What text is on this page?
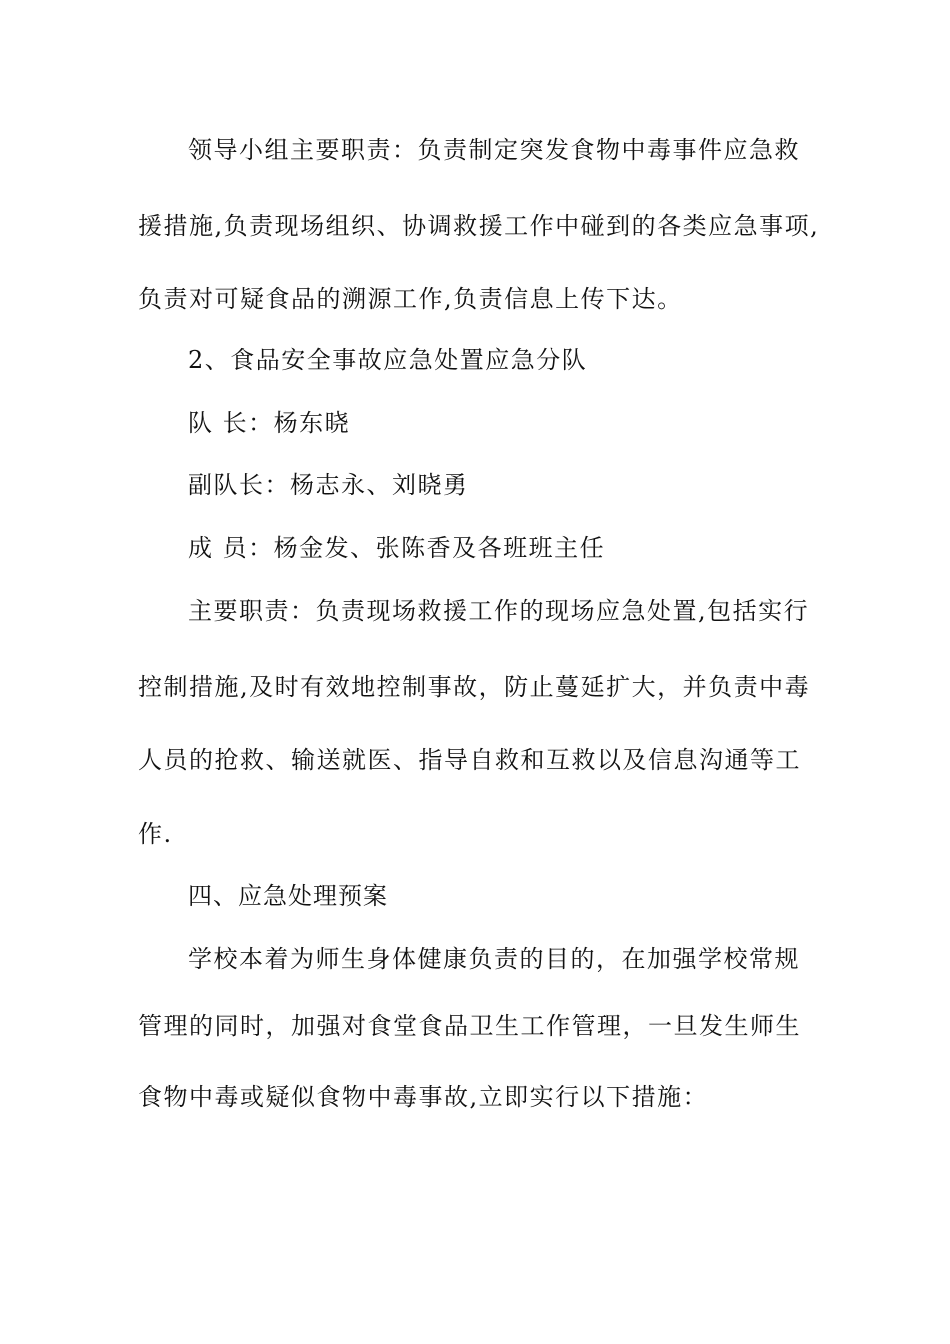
领导小组主要职责：负责制定突发食物中毒事件应急救
援措施,负责现场组织、协调救援工作中碰到的各类应急事项,
负责对可疑食品的溯源工作,负责信息上传下达。
2、食品安全事故应急处置应急分队
队 长：杨东晓
副队长：杨志永、刘晓勇
成 员：杨金发、张陈香及各班班主任
主要职责：负责现场救援工作的现场应急处置,包括实行
控制措施,及时有效地控制事故，防止蔓延扩大，并负责中毒
人员的抢救、输送就医、指导自救和互救以及信息沟通等工
作.
四、应急处理预案
学校本着为师生身体健康负责的目的，在加强学校常规
管理的同时，加强对食堂食品卫生工作管理，一旦发生师生
食物中毒或疑似食物中毒事故,立即实行以下措施：
